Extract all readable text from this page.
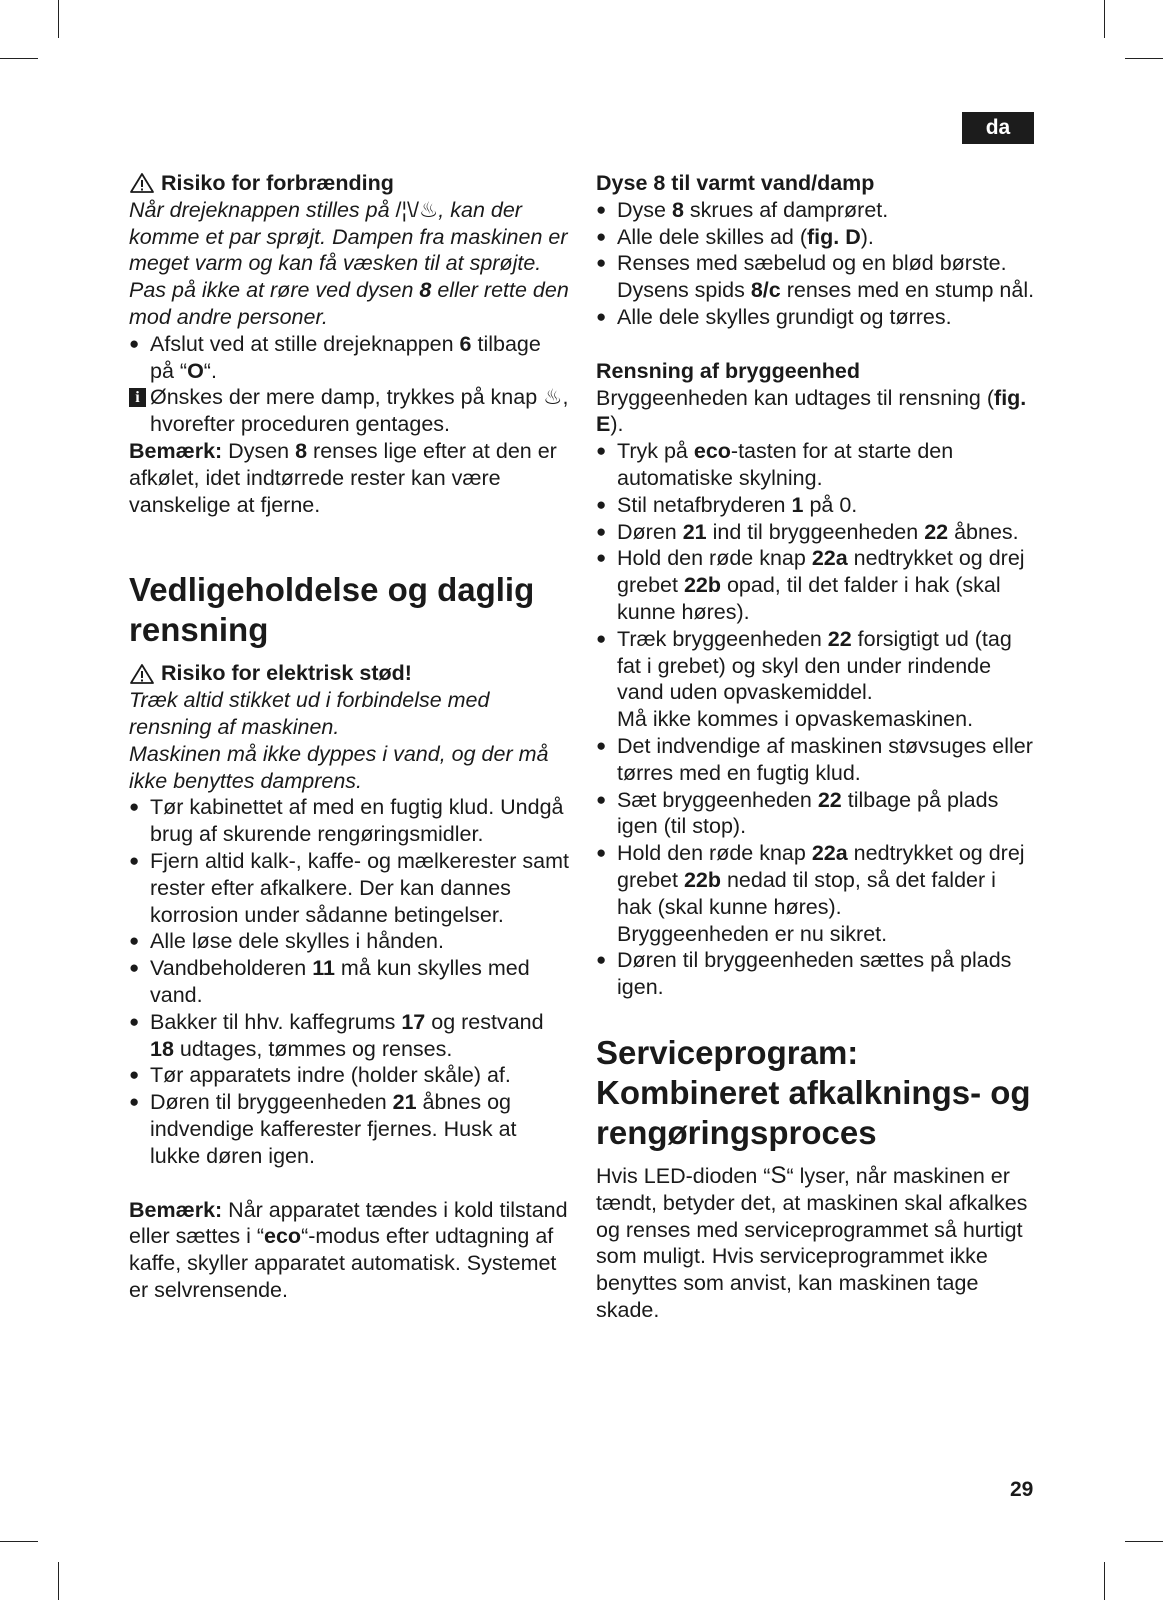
da
Risiko for forbrænding

Når drejeknappen stilles på /¦\/♨, kan der komme et par sprøjt. Dampen fra maskinen er meget varm og kan få væsken til at sprøjte. Pas på ikke at røre ved dysen 8 eller rette den mod andre personer.

● Afslut ved at stille drejeknappen 6 tilbage på “O“.

i Ønskes der mere damp, trykkes på knap ♨, hvorefter proceduren gentages.

Bemærk: Dysen 8 renses lige efter at den er afkølet, idet indtørrede rester kan være vanskelige at fjerne.

Vedligeholdelse og daglig rensning
Risiko for elektrisk stød!

Træk altid stikket ud i forbindelse med rensning af maskinen.

Maskinen må ikke dyppes i vand, og der må ikke benyttes damprens.

● Tør kabinettet af med en fugtig klud. Undgå brug af skurende rengøringsmidler.
● Fjern altid kalk-, kaffe- og mælkerester samt rester efter afkalkere. Der kan dannes korrosion under sådanne betingelser.
● Alle løse dele skylles i hånden.
● Vandbeholderen 11 må kun skylles med vand.
● Bakker til hhv. kaffegrums 17 og restvand 18 udtages, tømmes og renses.
● Tør apparatets indre (holder skåle) af.
● Døren til bryggeenheden 21 åbnes og indvendige kafferester fjernes. Husk at lukke døren igen.

Bemærk: Når apparatet tændes i kold tilstand eller sættes i “eco“-modus efter udtagning af kaffe, skyller apparatet automatisk. Systemet er selvrensende.

Dyse 8 til varmt vand/damp

● Dyse 8 skrues af damprøret.
● Alle dele skilles ad (fig. D).
● Renses med sæbelud og en blød børste. Dysens spids 8/c renses med en stump nål.
● Alle dele skylles grundigt og tørres.

Rensning af bryggeenhed

Bryggeenheden kan udtages til rensning (fig. E).

● Tryk på eco-tasten for at starte den automatiske skylning.
● Stil netafbryderen 1 på 0.
● Døren 21 ind til bryggeenheden 22 åbnes.
● Hold den røde knap 22a nedtrykket og drej grebet 22b opad, til det falder i hak (skal kunne høres).
● Træk bryggeenheden 22 forsigtigt ud (tag fat i grebet) og skyl den under rindende vand uden opvaskemiddel.
Må ikke kommes i opvaskemaskinen.
● Det indvendige af maskinen støvsuges eller tørres med en fugtig klud.
● Sæt bryggeenheden 22 tilbage på plads igen (til stop).
● Hold den røde knap 22a nedtrykket og drej grebet 22b nedad til stop, så det falder i hak (skal kunne høres).
Bryggeenheden er nu sikret.
● Døren til bryggeenheden sættes på plads igen.
Serviceprogram: Kombineret afkalknings- og rengøringsproces

Hvis LED-dioden “S“ lyser, når maskinen er tændt, betyder det, at maskinen skal afkalkes og renses med serviceprogrammet så hurtigt som muligt. Hvis serviceprogrammet ikke benyttes som anvist, kan maskinen tage skade.

29
